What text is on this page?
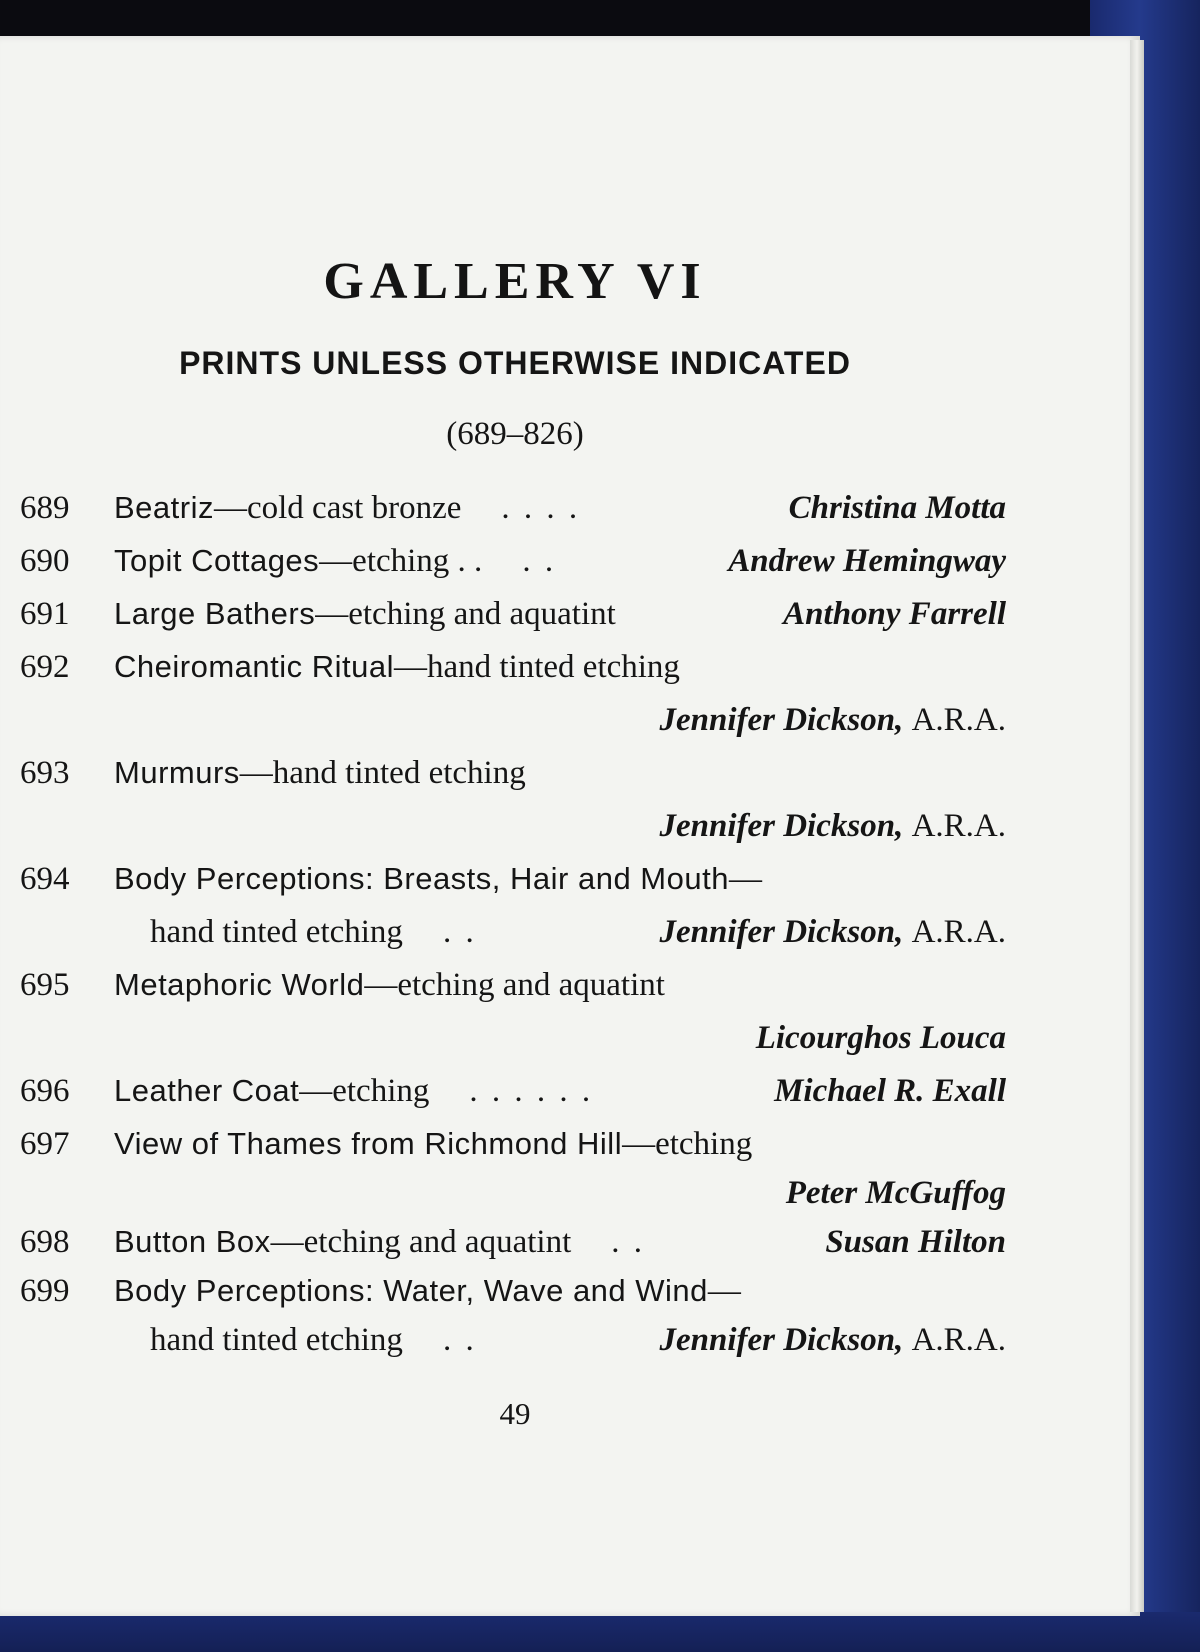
GALLERY VI
PRINTS UNLESS OTHERWISE INDICATED
(689–826)
689 Beatriz—cold cast bronze . . . .	Christina Motta
690 Topit Cottages—etching . . . .	Andrew Hemingway
691 Large Bathers—etching and aquatint	Anthony Farrell
692 Cheiromantic Ritual—hand tinted etching
Jennifer Dickson, A.R.A.
693 Murmurs—hand tinted etching
Jennifer Dickson, A.R.A.
694 Body Perceptions: Breasts, Hair and Mouth—
hand tinted etching . .	Jennifer Dickson, A.R.A.
695 Metaphoric World—etching and aquatint
Licourghos Louca
696 Leather Coat—etching . . . . . .	Michael R. Exall
697 View of Thames from Richmond Hill—etching
Peter McGuffog
698 Button Box—etching and aquatint . .	Susan Hilton
699 Body Perceptions: Water, Wave and Wind—
hand tinted etching . .	Jennifer Dickson, A.R.A.
49
